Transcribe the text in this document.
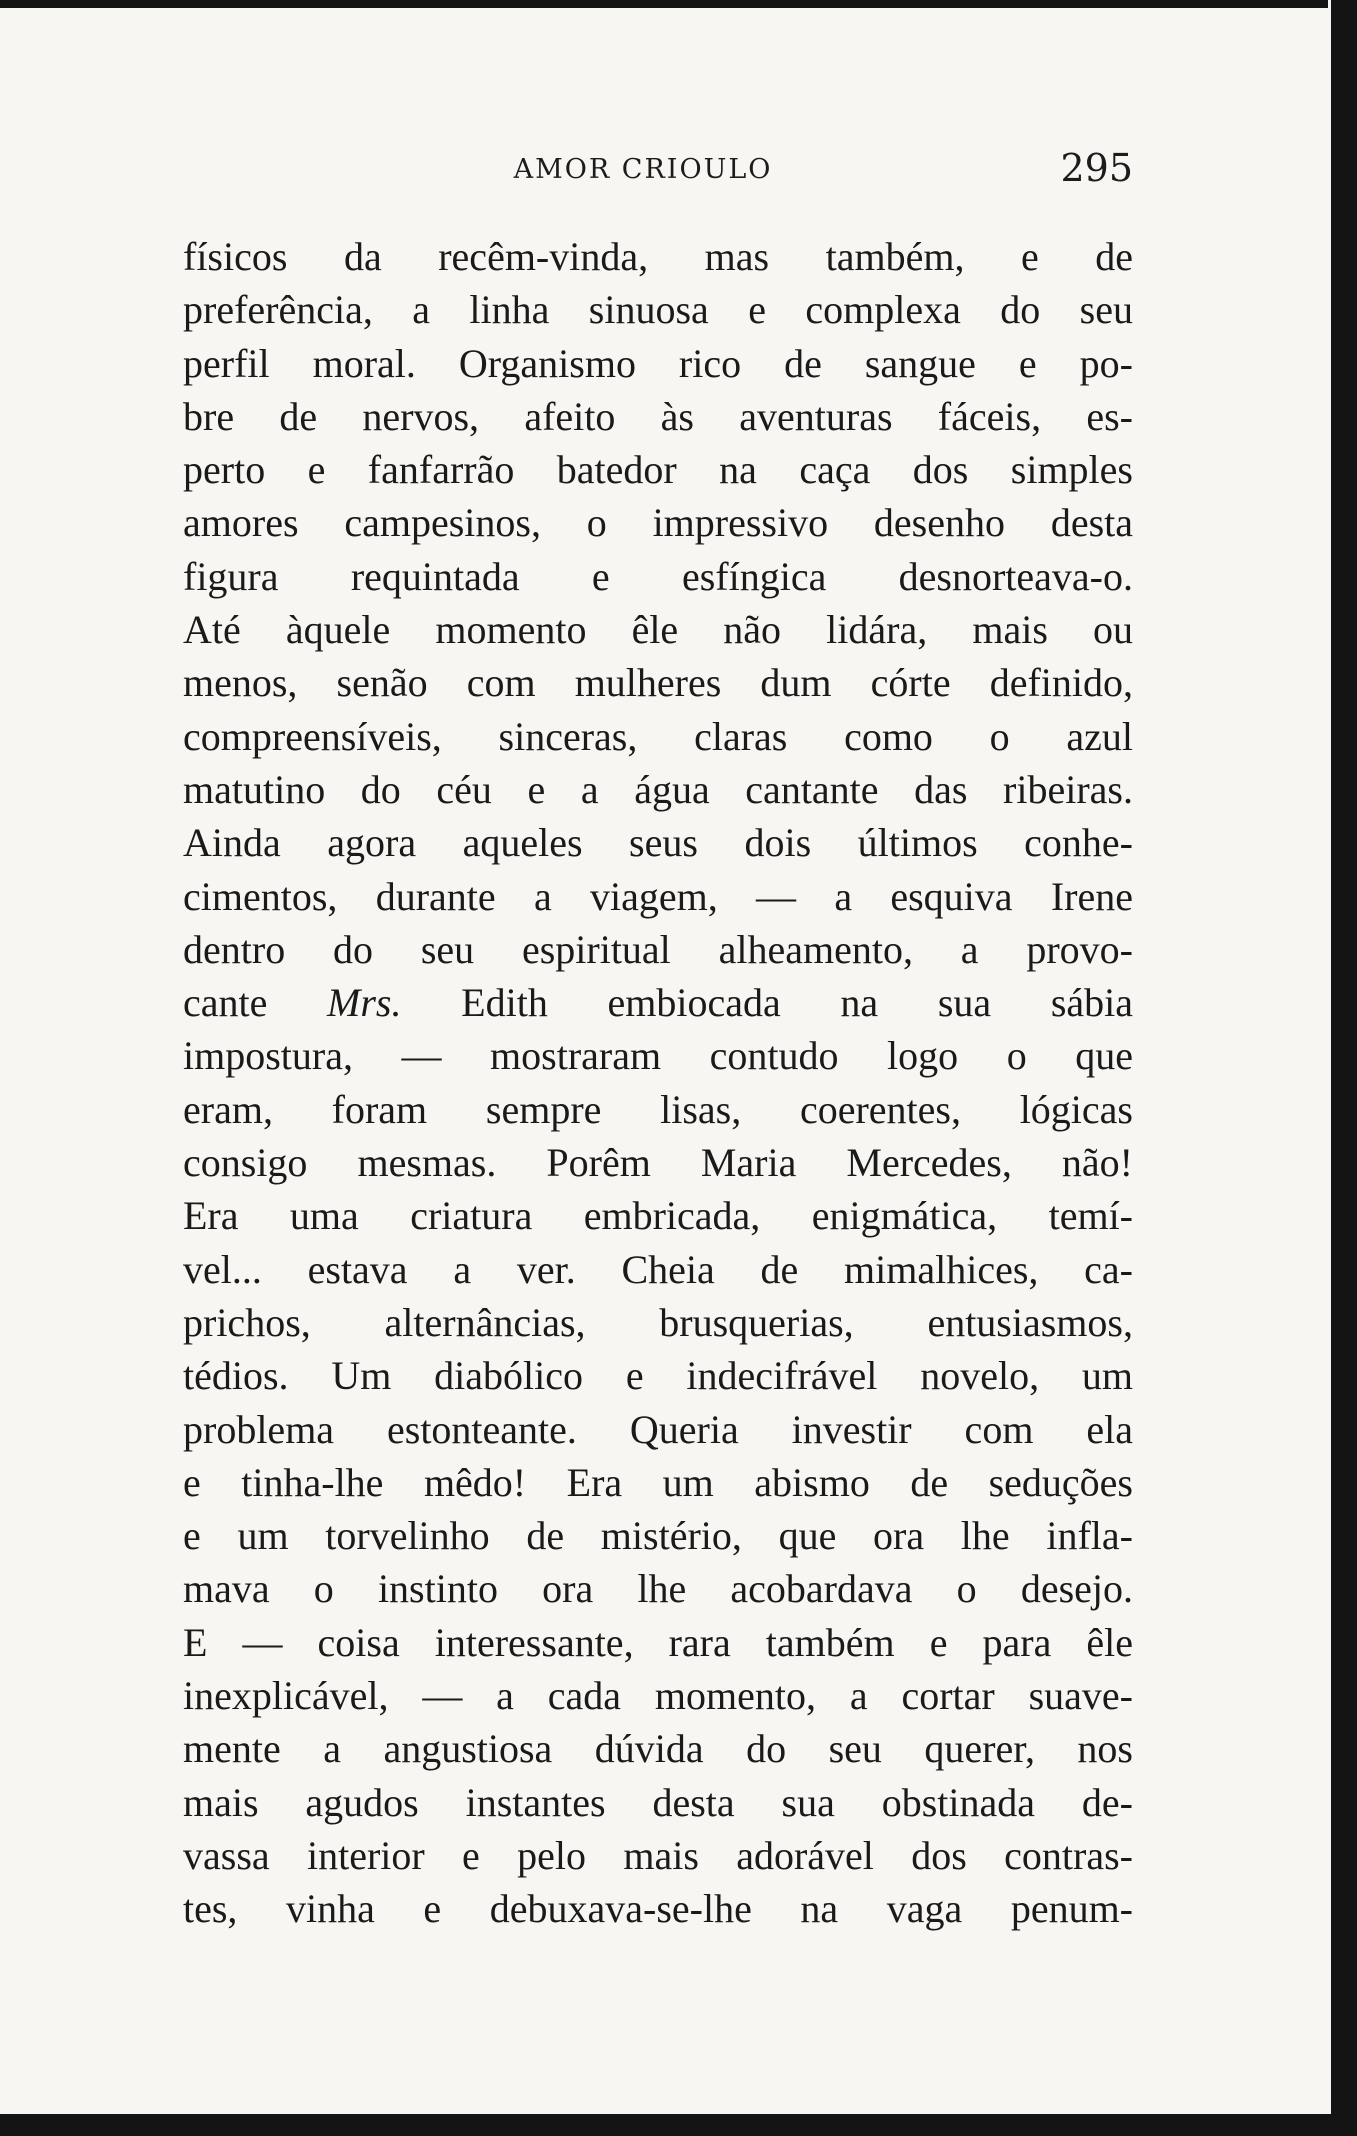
AMOR CRIOULO	295
físicos da recêm-vinda, mas também, e de
preferência, a linha sinuosa e complexa do seu
perfil moral. Organismo rico de sangue e po-
bre de nervos, afeito às aventuras fáceis, es-
perto e fanfarrão batedor na caça dos simples
amores campesinos, o impressivo desenho desta
figura requintada e esfíngica desnorteava-o.
Até àquele momento êle não lidára, mais ou
menos, senão com mulheres dum córte definido,
compreensíveis, sinceras, claras como o azul
matutino do céu e a água cantante das ribeiras.
Ainda agora aqueles seus dois últimos conhe-
cimentos, durante a viagem, — a esquiva Irene
dentro do seu espiritual alheamento, a provo-
cante Mrs. Edith embiocada na sua sábia
impostura, — mostraram contudo logo o que
eram, foram sempre lisas, coerentes, lógicas
consigo mesmas. Porêm Maria Mercedes, não!
Era uma criatura embricada, enigmática, temí-
vel... estava a ver. Cheia de mimalhices, ca-
prichos, alternâncias, brusquerias, entusiasmos,
tédios. Um diabólico e indecifrável novelo, um
problema estonteante. Queria investir com ela
e tinha-lhe mêdo! Era um abismo de seduções
e um torvelinho de mistério, que ora lhe infla-
mava o instinto ora lhe acobardava o desejo.
E — coisa interessante, rara também e para êle
inexplicável, — a cada momento, a cortar suave-
mente a angustiosa dúvida do seu querer, nos
mais agudos instantes desta sua obstinada de-
vassa interior e pelo mais adorável dos contras-
tes, vinha e debuxava-se-lhe na vaga penum-
